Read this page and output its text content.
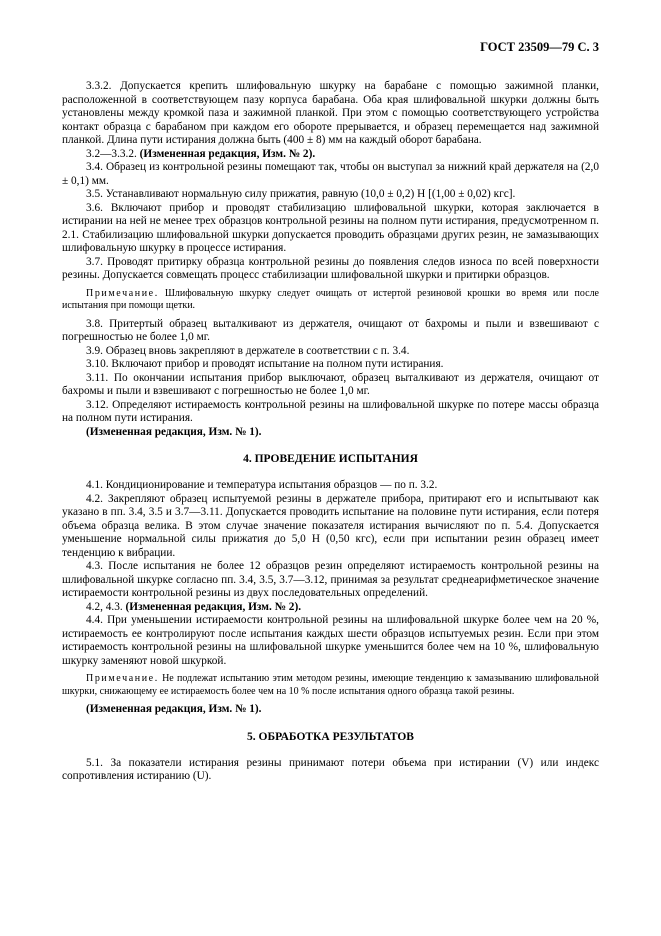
ГОСТ 23509—79 С. 3

3.3.2. Допускается крепить шлифовальную шкурку на барабане с помощью зажимной планки, расположенной в соответствующем пазу корпуса барабана. Оба края шлифовальной шкурки должны быть установлены между кромкой паза и зажимной планкой. При этом с помощью соответствующего устройства контакт образца с барабаном при каждом его обороте прерывается, и образец перемещается над зажимной планкой. Длина пути истирания должна быть (400 ± 8) мм на каждый оборот барабана.

3.2—3.3.2. (Измененная редакция, Изм. № 2).

3.4. Образец из контрольной резины помещают так, чтобы он выступал за нижний край держателя на (2,0 ± 0,1) мм.

3.5. Устанавливают нормальную силу прижатия, равную (10,0 ± 0,2) Н [(1,00 ± 0,02) кгс].

3.6. Включают прибор и проводят стабилизацию шлифовальной шкурки, которая заключается в истирании на ней не менее трех образцов контрольной резины на полном пути истирания, предусмотренном п. 2.1. Стабилизацию шлифовальной шкурки допускается проводить образцами других резин, не замазывающих шлифовальную шкурку в процессе истирания.

3.7. Проводят притирку образца контрольной резины до появления следов износа по всей поверхности резины. Допускается совмещать процесс стабилизации шлифовальной шкурки и притирки образцов.

Примечание. Шлифовальную шкурку следует очищать от истертой резиновой крошки во время или после испытания при помощи щетки.

3.8. Притертый образец выталкивают из держателя, очищают от бахромы и пыли и взвешивают с погрешностью не более 1,0 мг.

3.9. Образец вновь закрепляют в держателе в соответствии с п. 3.4.

3.10. Включают прибор и проводят испытание на полном пути истирания.

3.11. По окончании испытания прибор выключают, образец выталкивают из держателя, очищают от бахромы и пыли и взвешивают с погрешностью не более 1,0 мг.

3.12. Определяют истираемость контрольной резины на шлифовальной шкурке по потере массы образца на полном пути истирания.

(Измененная редакция, Изм. № 1).

4. ПРОВЕДЕНИЕ ИСПЫТАНИЯ

4.1. Кондиционирование и температура испытания образцов — по п. 3.2.

4.2. Закрепляют образец испытуемой резины в держателе прибора, притирают его и испытывают как указано в пп. 3.4, 3.5 и 3.7—3.11. Допускается проводить испытание на половине пути истирания, если потеря объема образца велика. В этом случае значение показателя истирания вычисляют по п. 5.4. Допускается уменьшение нормальной силы прижатия до 5,0 Н (0,50 кгс), если при испытании резин образец имеет тенденцию к вибрации.

4.3. После испытания не более 12 образцов резин определяют истираемость контрольной резины на шлифовальной шкурке согласно пп. 3.4, 3.5, 3.7—3.12, принимая за результат среднеарифметическое значение истираемости контрольной резины из двух последовательных определений.

4.2, 4.3. (Измененная редакция, Изм. № 2).

4.4. При уменьшении истираемости контрольной резины на шлифовальной шкурке более чем на 20 %, истираемость ее контролируют после испытания каждых шести образцов испытуемых резин. Если при этом истираемость контрольной резины на шлифовальной шкурке уменьшится более чем на 10 %, шлифовальную шкурку заменяют новой шкуркой.

Примечание. Не подлежат испытанию этим методом резины, имеющие тенденцию к замазыванию шлифовальной шкурки, снижающему ее истираемость более чем на 10 % после испытания одного образца такой резины.

(Измененная редакция, Изм. № 1).

5. ОБРАБОТКА РЕЗУЛЬТАТОВ

5.1. За показатели истирания резины принимают потери объема при истирании (V) или индекс сопротивления истиранию (U).
